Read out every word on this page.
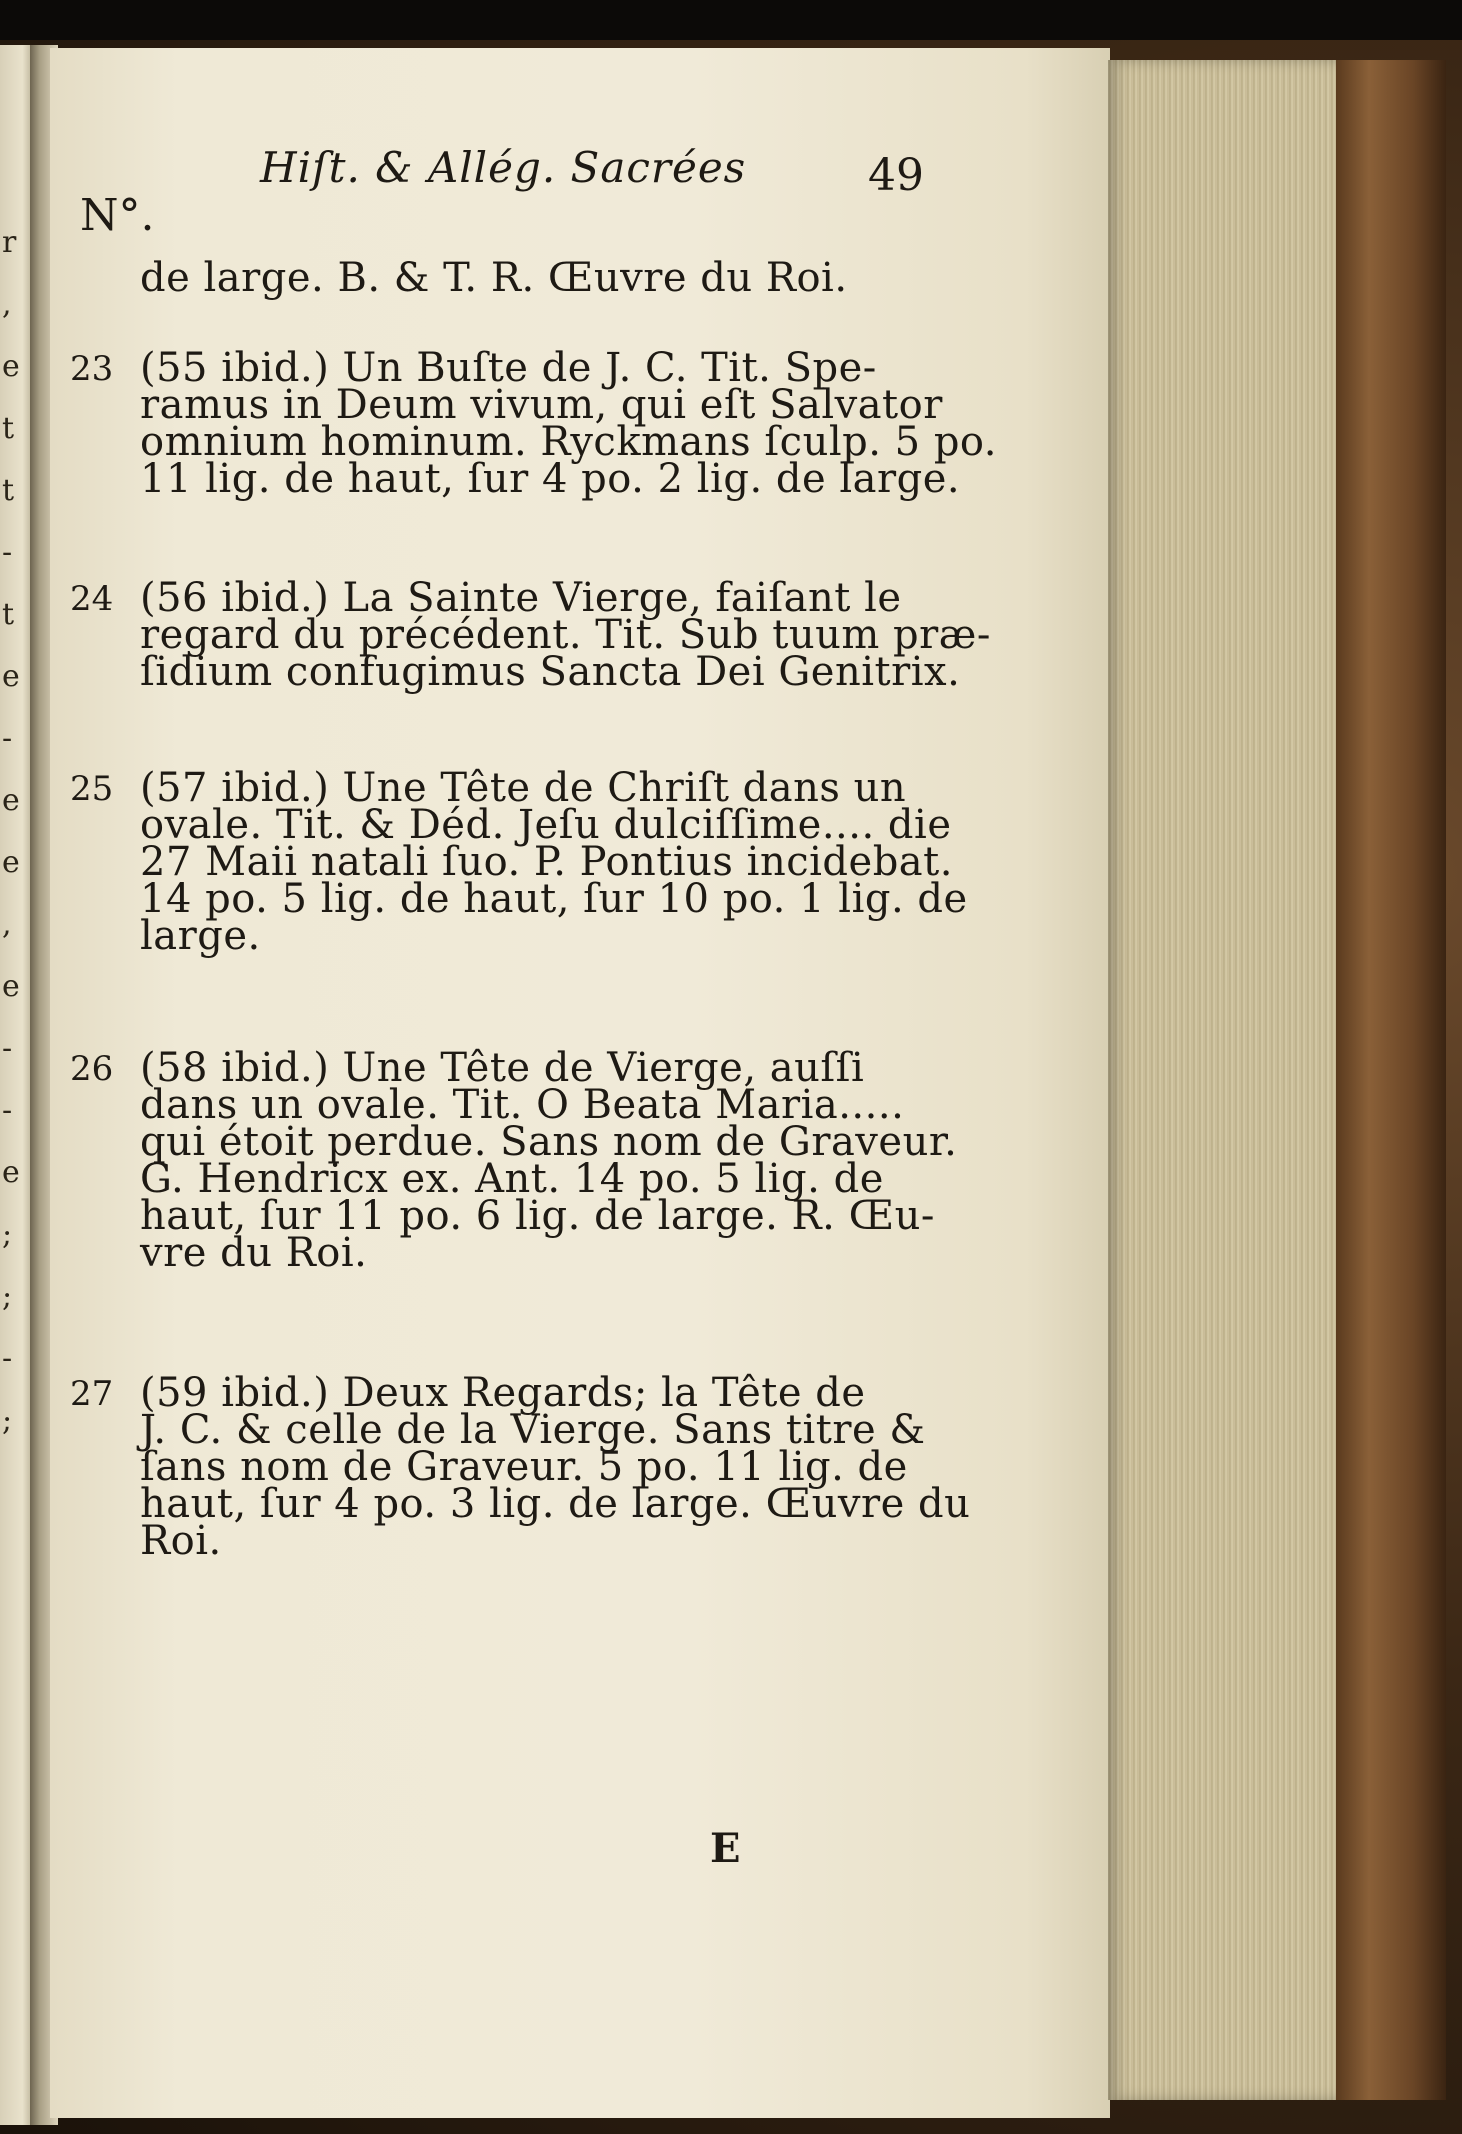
r
,
e
t
t
-
t
e
-
e
e
,
e
-
-
e
;
;
-
;
Hiſt. & Allég. Sacrées	49
N°.
de large. B. & T. R. Œuvre du Roi.
23 (55 ibid.) Un Buſte de J. C. Tit. Spe-
ramus in Deum vivum, qui eſt Salvator
omnium hominum. Ryckmans ſculp. 5 po.
11 lig. de haut, ſur 4 po. 2 lig. de large.
24 (56 ibid.) La Sainte Vierge, faiſant le
regard du précédent. Tit. Sub tuum præ-
ſidium confugimus Sancta Dei Genitrix.
25 (57 ibid.) Une Tête de Chriſt dans un
ovale. Tit. & Déd. Jeſu dulciſſime.... die
27 Maii natali ſuo. P. Pontius incidebat.
14 po. 5 lig. de haut, ſur 10 po. 1 lig. de
large.
26 (58 ibid.) Une Tête de Vierge, auſſi
dans un ovale. Tit. O Beata Maria.....
qui étoit perdue. Sans nom de Graveur.
G. Hendricx ex. Ant. 14 po. 5 lig. de
haut, ſur 11 po. 6 lig. de large. R. Œu-
vre du Roi.
27 (59 ibid.) Deux Regards; la Tête de
J. C. & celle de la Vierge. Sans titre &
ſans nom de Graveur. 5 po. 11 lig. de
haut, ſur 4 po. 3 lig. de large. Œuvre du
Roi.
E
